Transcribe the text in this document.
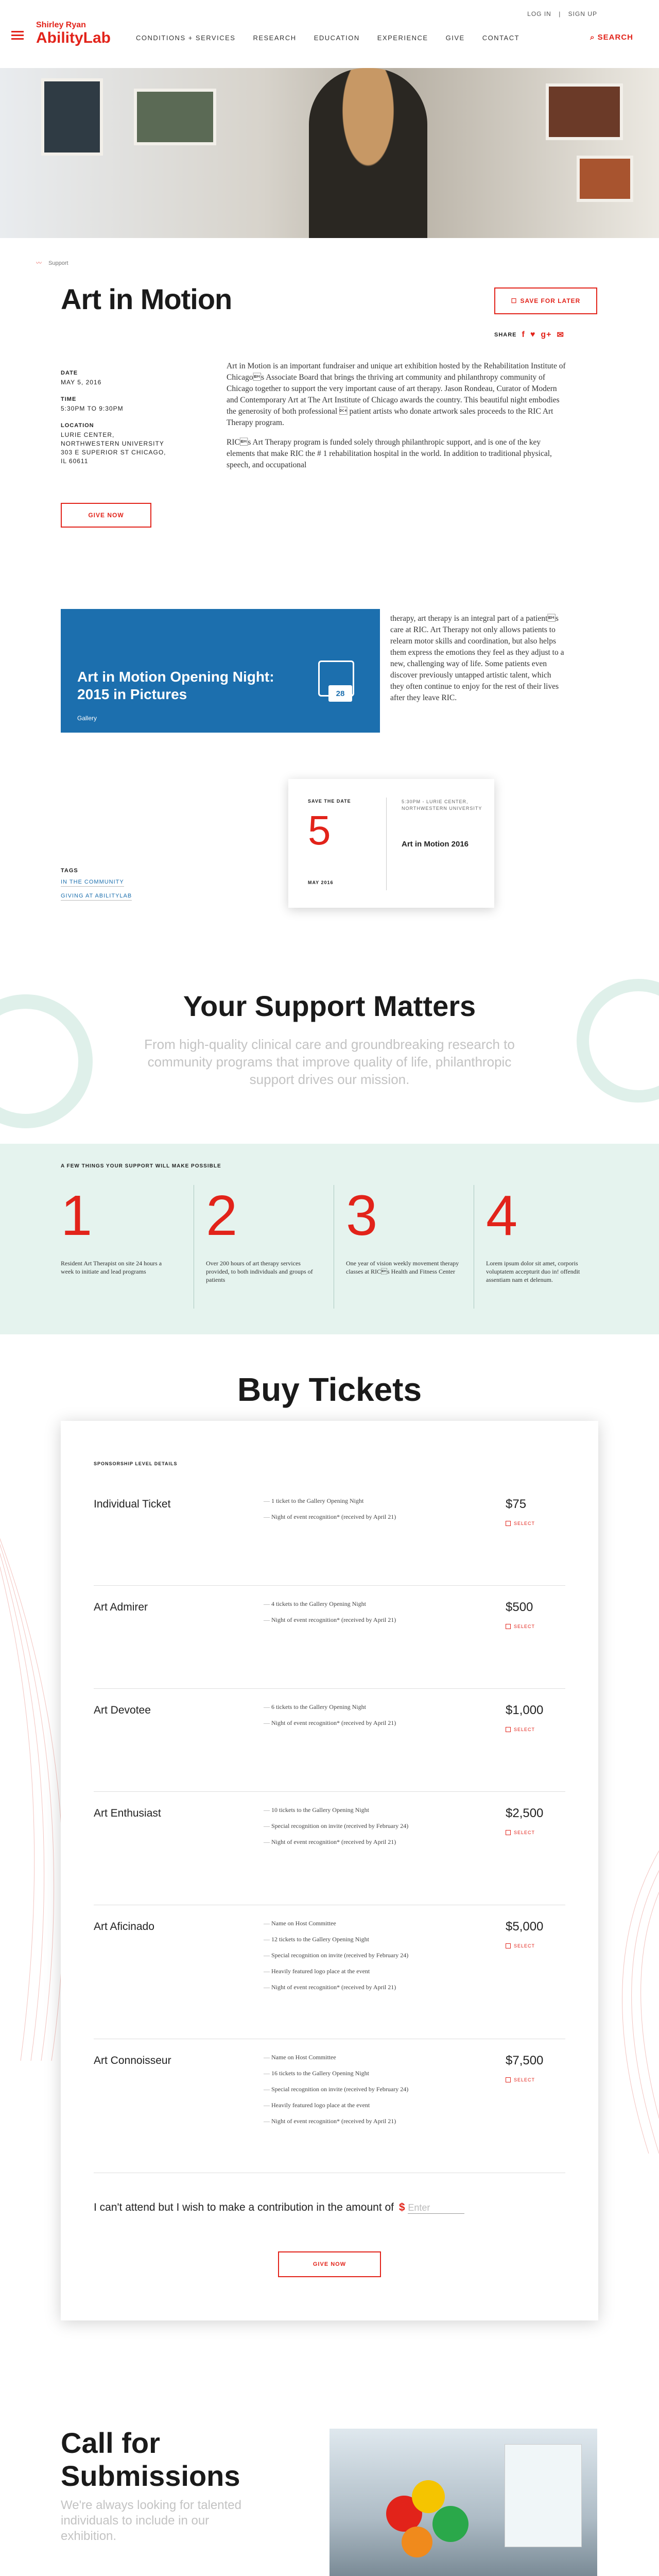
LOG IN | SIGN UP
Shirley Ryan
AbilityLab	CONDITIONS + SERVICES	RESEARCH	EDUCATION	EXPERIENCE	GIVE	CONTACT	⌕ SEARCH
〰 Support
Art in Motion	☐ SAVE FOR LATER
SHARE f ♥ g+ ✉
DATE
MAY 5, 2016
TIME
5:30PM TO 9:30PM
LOCATION
LURIE CENTER, NORTHWESTERN UNIVERSITY 303 E SUPERIOR ST CHICAGO, IL 60611
GIVE NOW

Art in Motion is an important fundraiser and unique art exhibition hosted by the Rehabilitation Institute of Chicagos Associate Board that brings the thriving art community and philanthropy community of Chicago together to support the very important cause of art therapy. Jason Rondeau, Curator of Modern and Contemporary Art at The Art Institute of Chicago awards the country. This beautiful night embodies the generosity of both professional  patient artists who donate artwork sales proceeds to the RIC Art Therapy program.

RICs Art Therapy program is funded solely through philanthropic support, and is one of the key elements that make RIC the # 1 rehabilitation hospital in the world. In addition to traditional physical, speech, and occupational

Art in Motion Opening Night: 2015 in Pictures	28
Gallery
therapy, art therapy is an integral part of a patients care at RIC. Art Therapy not only allows patients to relearn motor skills and coordination, but also helps them express the emotions they feel as they adjust to a new, challenging way of life. Some patients even discover previously untapped artistic talent, which they often continue to enjoy for the rest of their lives after they leave RIC.
SAVE THE DATE
5
MAY 2016
5:30PM - LURIE CENTER, NORTHWESTERN UNIVERSITY
Art in Motion 2016
TAGS
IN THE COMMUNITY
GIVING AT ABILITYLAB
Your Support Matters
From high-quality clinical care and groundbreaking research to community programs that improve quality of life, philanthropic support drives our mission.
A FEW THINGS YOUR SUPPORT WILL MAKE POSSIBLE
1
Resident Art Therapist on site 24 hours a week to initiate and lead programs
2
Over 200 hours of art therapy services provided, to both individuals and groups of patients
3
One year of vision weekly movement therapy classes at RICs Health and Fitness Center
4
Lorem ipsum dolor sit amet, corporis voluptatem accepturit duo in! offendit assentiam nam et delenum.
Buy Tickets
SPONSORSHIP LEVEL DETAILS
Individual Ticket	— 1 ticket to the Gallery Opening Night
— Night of event recognition* (received by April 21)
$75
SELECT
Art Admirer	— 4 tickets to the Gallery Opening Night
— Night of event recognition* (received by April 21)
$500
SELECT
Art Devotee	— 6 tickets to the Gallery Opening Night
— Night of event recognition* (received by April 21)
$1,000
SELECT
Art Enthusiast	— 10 tickets to the Gallery Opening Night
— Special recognition on invite (received by February 24)
— Night of event recognition* (received by April 21)
$2,500
SELECT
Art Aficinado	— Name on Host Committee
— 12 tickets to the Gallery Opening Night
— Special recognition on invite (received by February 24)
— Heavily featured logo place at the event
— Night of event recognition* (received by April 21)
$5,000
SELECT
Art Connoisseur	— Name on Host Committee
— 16 tickets to the Gallery Opening Night
— Special recognition on invite (received by February 24)
— Heavily featured logo place at the event
— Night of event recognition* (received by April 21)
$7,500
SELECT
I can't attend but I wish to make a contribution in the amount of $ Enter
GIVE NOW
Call for
Submissions
We're always looking for talented individuals to include in our exhibition.
